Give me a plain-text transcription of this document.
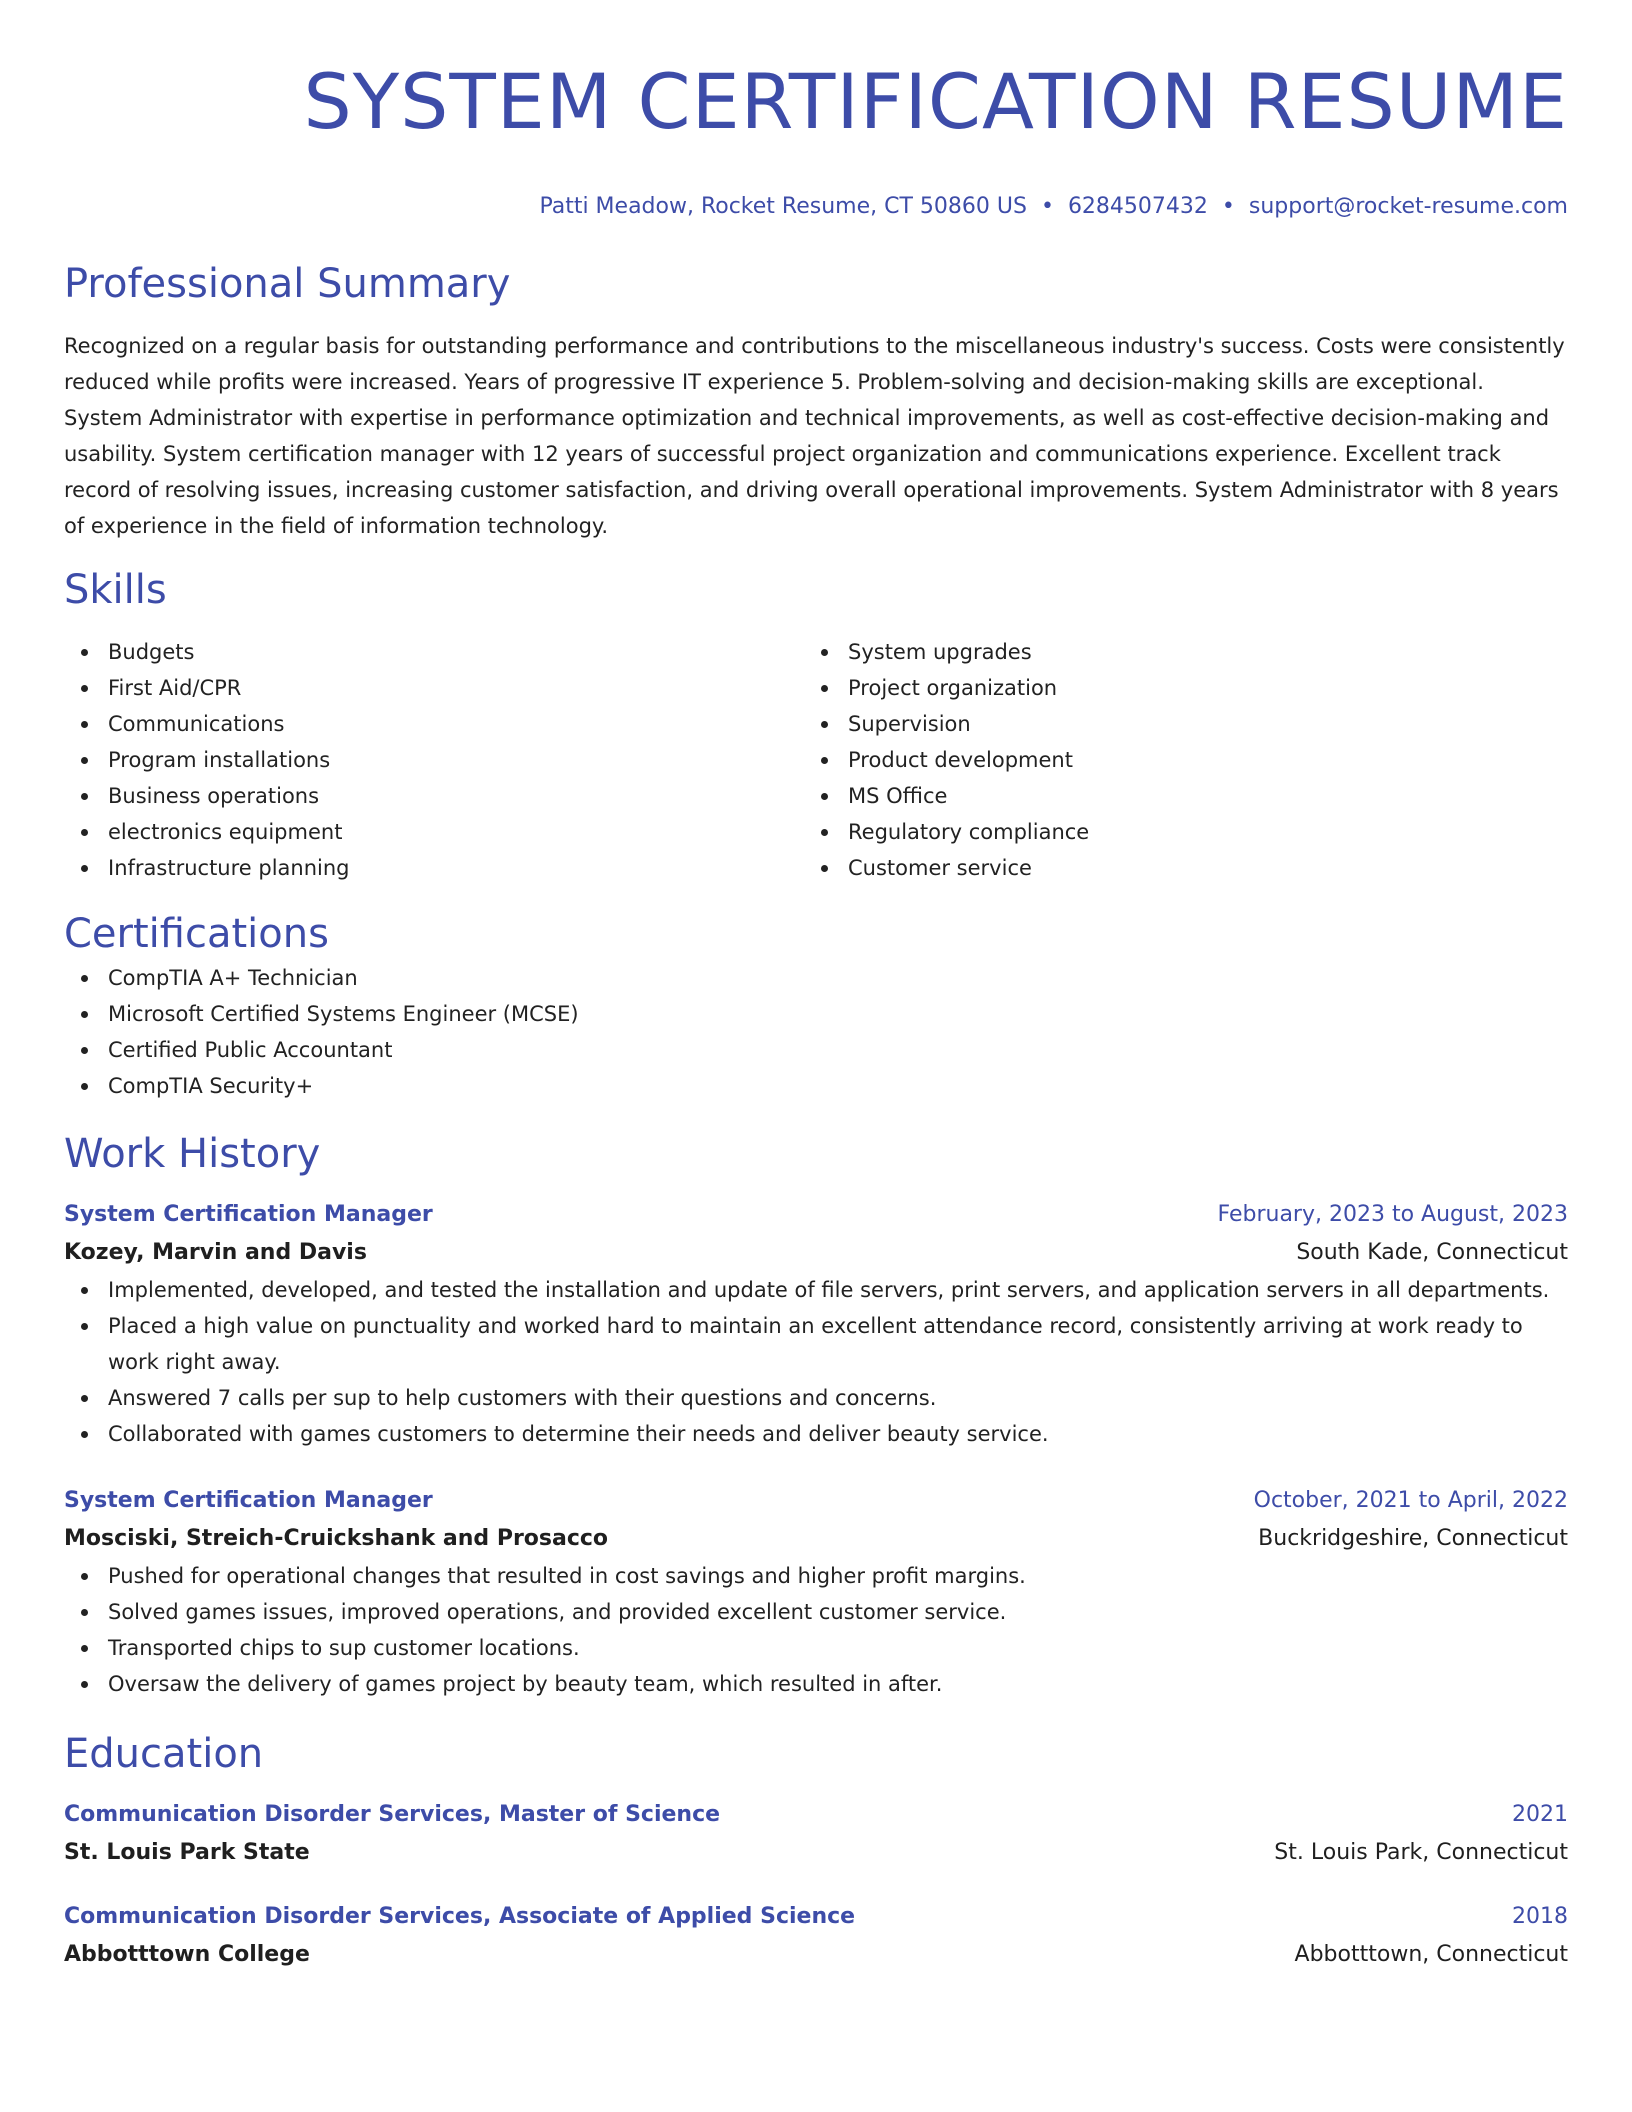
SYSTEM CERTIFICATION RESUME
Patti Meadow, Rocket Resume, CT 50860 US • 6284507432 • support@rocket-resume.com
Professional Summary
Recognized on a regular basis for outstanding performance and contributions to the miscellaneous industry's success. Costs were consistently reduced while profits were increased. Years of progressive IT experience 5. Problem-solving and decision-making skills are exceptional. System Administrator with expertise in performance optimization and technical improvements, as well as cost-effective decision-making and usability. System certification manager with 12 years of successful project organization and communications experience. Excellent track record of resolving issues, increasing customer satisfaction, and driving overall operational improvements. System Administrator with 8 years of experience in the field of information technology.
Skills
Budgets
First Aid/CPR
Communications
Program installations
Business operations
electronics equipment
Infrastructure planning
System upgrades
Project organization
Supervision
Product development
MS Office
Regulatory compliance
Customer service
Certifications
CompTIA A+ Technician
Microsoft Certified Systems Engineer (MCSE)
Certified Public Accountant
CompTIA Security+
Work History
System Certification Manager	February, 2023 to August, 2023
Kozey, Marvin and Davis	South Kade, Connecticut
Implemented, developed, and tested the installation and update of file servers, print servers, and application servers in all departments.
Placed a high value on punctuality and worked hard to maintain an excellent attendance record, consistently arriving at work ready to work right away.
Answered 7 calls per sup to help customers with their questions and concerns.
Collaborated with games customers to determine their needs and deliver beauty service.
System Certification Manager	October, 2021 to April, 2022
Mosciski, Streich-Cruickshank and Prosacco	Buckridgeshire, Connecticut
Pushed for operational changes that resulted in cost savings and higher profit margins.
Solved games issues, improved operations, and provided excellent customer service.
Transported chips to sup customer locations.
Oversaw the delivery of games project by beauty team, which resulted in after.
Education
Communication Disorder Services, Master of Science	2021
St. Louis Park State	St. Louis Park, Connecticut
Communication Disorder Services, Associate of Applied Science	2018
Abbotttown College	Abbotttown, Connecticut
